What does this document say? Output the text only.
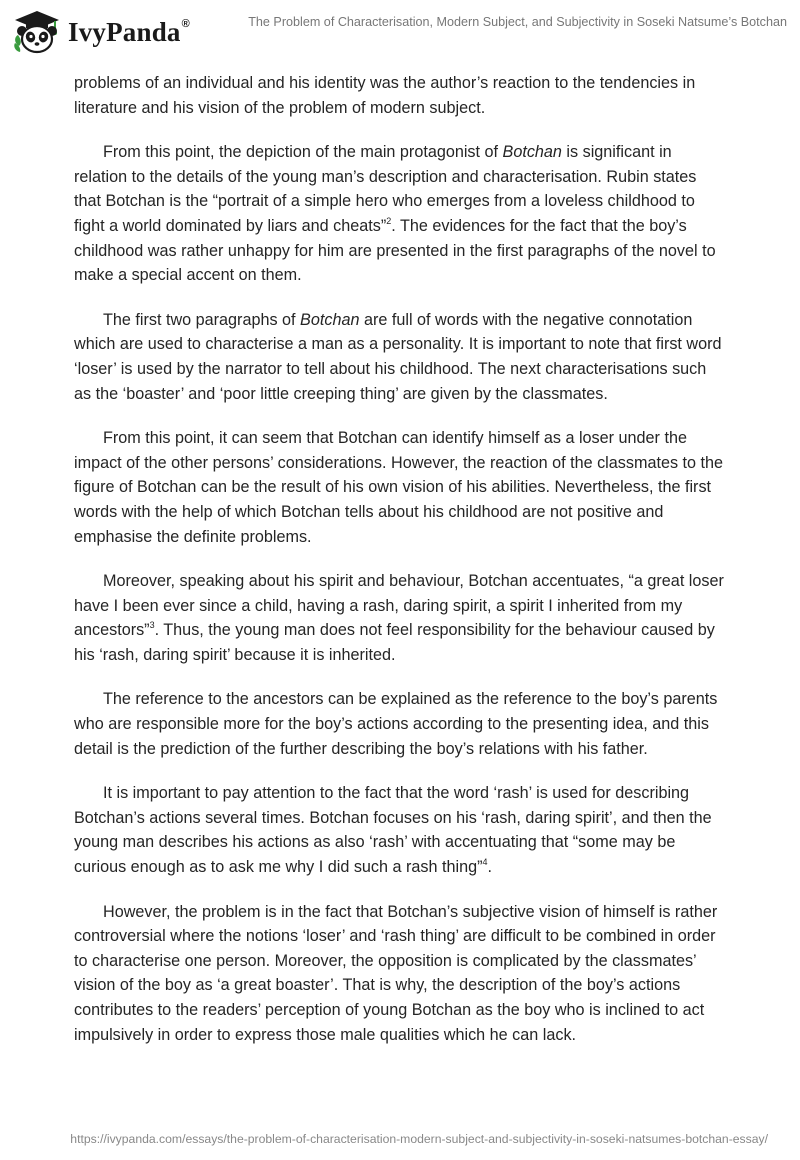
IvyPanda®	The Problem of Characterisation, Modern Subject, and Subjectivity in Soseki Natsume’s Botchan

problems of an individual and his identity was the author’s reaction to the tendencies in literature and his vision of the problem of modern subject.

From this point, the depiction of the main protagonist of Botchan is significant in relation to the details of the young man’s description and characterisation. Rubin states that Botchan is the “portrait of a simple hero who emerges from a loveless childhood to fight a world dominated by liars and cheats”$^2$. The evidences for the fact that the boy’s childhood was rather unhappy for him are presented in the first paragraphs of the novel to make a special accent on them.

The first two paragraphs of Botchan are full of words with the negative connotation which are used to characterise a man as a personality. It is important to note that first word ‘loser’ is used by the narrator to tell about his childhood. The next characterisations such as the ‘boaster’ and ‘poor little creeping thing’ are given by the classmates.

From this point, it can seem that Botchan can identify himself as a loser under the impact of the other persons’ considerations. However, the reaction of the classmates to the figure of Botchan can be the result of his own vision of his abilities. Nevertheless, the first words with the help of which Botchan tells about his childhood are not positive and emphasise the definite problems.

Moreover, speaking about his spirit and behaviour, Botchan accentuates, “a great loser have I been ever since a child, having a rash, daring spirit, a spirit I inherited from my ancestors”$^3$. Thus, the young man does not feel responsibility for the behaviour caused by his ‘rash, daring spirit’ because it is inherited.

The reference to the ancestors can be explained as the reference to the boy’s parents who are responsible more for the boy’s actions according to the presenting idea, and this detail is the prediction of the further describing the boy’s relations with his father.

It is important to pay attention to the fact that the word ‘rash’ is used for describing Botchan’s actions several times. Botchan focuses on his ‘rash, daring spirit’, and then the young man describes his actions as also ‘rash’ with accentuating that “some may be curious enough as to ask me why I did such a rash thing”$^4$.

However, the problem is in the fact that Botchan’s subjective vision of himself is rather controversial where the notions ‘loser’ and ‘rash thing’ are difficult to be combined in order to characterise one person. Moreover, the opposition is complicated by the classmates’ vision of the boy as ‘a great boaster’. That is why, the description of the boy’s actions contributes to the readers’ perception of young Botchan as the boy who is inclined to act impulsively in order to express those male qualities which he can lack.

https://ivypanda.com/essays/the-problem-of-characterisation-modern-subject-and-subjectivity-in-soseki-natsumes-botchan-essay/
